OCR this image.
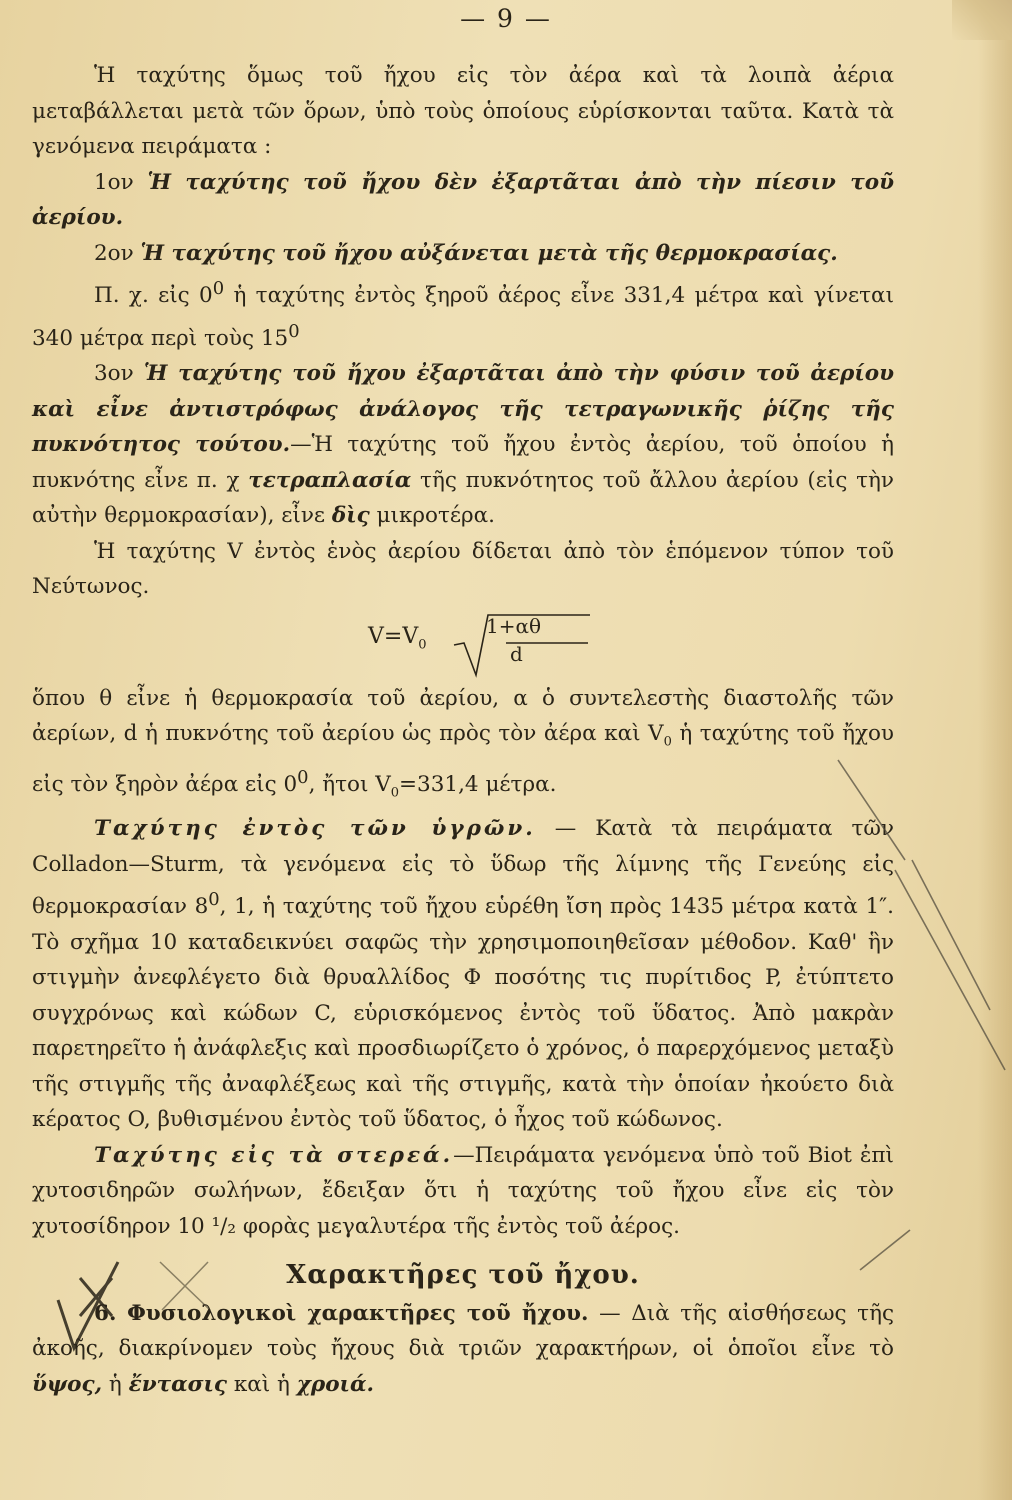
— 9 —

Ἡ ταχύτης ὅμως τοῦ ἤχου εἰς τὸν ἀέρα καὶ τὰ λοιπὰ ἀέρια μεταβάλλεται μετὰ τῶν ὅρων, ὑπὸ τοὺς ὁποίους εὑρίσκονται ταῦτα. Κατὰ τὰ γενόμενα πειράματα :

1ον Ἡ ταχύτης τοῦ ἤχου δὲν ἐξαρτᾶται ἀπὸ τὴν πίεσιν τοῦ ἀερίου.

2ον Ἡ ταχύτης τοῦ ἤχου αὐξάνεται μετὰ τῆς θερμοκρασίας.

Π. χ. εἰς $0^0$ ἡ ταχύτης ἐντὸς ξηροῦ ἀέρος εἶνε 331,4 μέτρα καὶ γίνεται 340 μέτρα περὶ τοὺς $15^0$

3ον Ἡ ταχύτης τοῦ ἤχου ἐξαρτᾶται ἀπὸ τὴν φύσιν τοῦ ἀερίου καὶ εἶνε ἀντιστρόφως ἀνάλογος τῆς τετραγωνικῆς ῥίζης τῆς πυκνότητος τούτου.—Ἡ ταχύτης τοῦ ἤχου ἐντὸς ἀερίου, τοῦ ὁποίου ἡ πυκνότης εἶνε π. χ τετραπλασία τῆς πυκνότητος τοῦ ἄλλου ἀερίου (εἰς τὴν αὐτὴν θερμοκρασίαν), εἶνε δὶς μικροτέρα.

Ἡ ταχύτης V ἐντὸς ἑνὸς ἀερίου δίδεται ἀπὸ τὸν ἑπόμενον τύπον τοῦ Νεύτωνος.

$V=V_0$
1+αθ
d

ὅπου θ εἶνε ἡ θερμοκρασία τοῦ ἀερίου, α ὁ συντελεστὴς διαστολῆς τῶν ἀερίων, d ἡ πυκνότης τοῦ ἀερίου ὡς πρὸς τὸν ἀέρα καὶ $V_0$ ἡ ταχύτης τοῦ ἤχου εἰς τὸν ξηρὸν ἀέρα εἰς $0^0$, ἤτοι $V_0=331,4$ μέτρα.

Ταχύτης ἐντὸς τῶν ὑγρῶν. — Κατὰ τὰ πειράματα τῶν Colladon—Sturm, τὰ γενόμενα εἰς τὸ ὕδωρ τῆς λίμνης τῆς Γενεύης εἰς θερμοκρασίαν $8^0$, 1, ἡ ταχύτης τοῦ ἤχου εὑρέθη ἴση πρὸς 1435 μέτρα κατὰ 1″. Τὸ σχῆμα 10 καταδεικνύει σαφῶς τὴν χρησιμοποιηθεῖσαν μέθοδον. Καθ' ἣν στιγμὴν ἀνεφλέγετο διὰ θρυαλλίδος Φ ποσότης τις πυρίτιδος P, ἐτύπτετο συγχρόνως καὶ κώδων C, εὑρισκόμενος ἐντὸς τοῦ ὕδατος. Ἀπὸ μακρὰν παρετηρεῖτο ἡ ἀνάφλεξις καὶ προσδιωρίζετο ὁ χρόνος, ὁ παρερχόμενος μεταξὺ τῆς στιγμῆς τῆς ἀναφλέξεως καὶ τῆς στιγμῆς, κατὰ τὴν ὁποίαν ἠκούετο διὰ κέρατος O, βυθισμένου ἐντὸς τοῦ ὕδατος, ὁ ἦχος τοῦ κώδωνος.

Ταχύτης εἰς τὰ στερεά.—Πειράματα γενόμενα ὑπὸ τοῦ Biot ἐπὶ χυτοσιδηρῶν σωλήνων, ἔδειξαν ὅτι ἡ ταχύτης τοῦ ἤχου εἶνε εἰς τὸν χυτοσίδηρον 10 ¹/₂ φορὰς μεγαλυτέρα τῆς ἐντὸς τοῦ ἀέρος.

Χαρακτῆρες τοῦ ἤχου.

6. Φυσιολογικοὶ χαρακτῆρες τοῦ ἤχου. — Διὰ τῆς αἰσθήσεως τῆς ἀκοῆς, διακρίνομεν τοὺς ἤχους διὰ τριῶν χαρακτήρων, οἱ ὁποῖοι εἶνε τὸ ὕψος, ἡ ἔντασις καὶ ἡ χροιά.
